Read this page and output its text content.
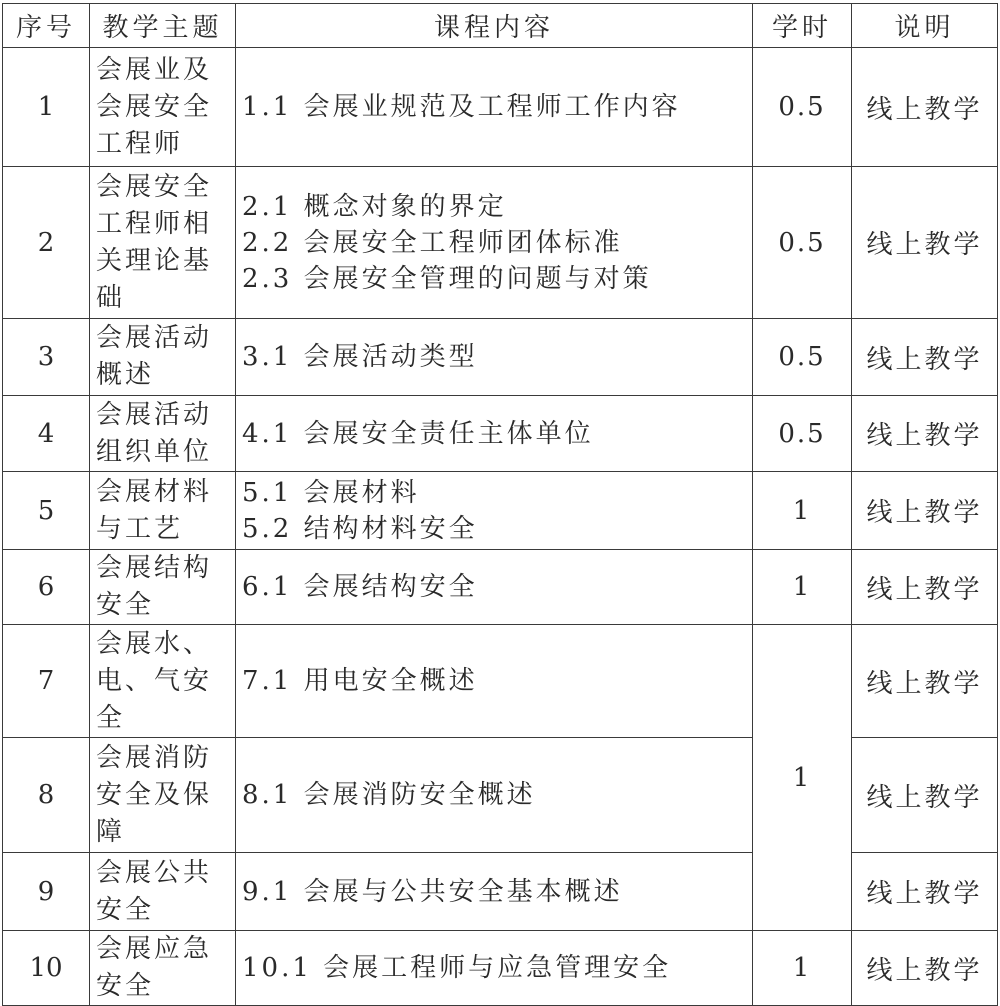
序号	教学主题	课程内容	学时	说明
1	会展业及
会展安全
工程师	1.1 会展业规范及工程师工作内容	0.5	线上教学
2	会展安全
工程师相
关理论基
础	2.1 概念对象的界定
2.2 会展安全工程师团体标准
2.3 会展安全管理的问题与对策	0.5	线上教学
3	会展活动
概述	3.1 会展活动类型	0.5	线上教学
4	会展活动
组织单位	4.1 会展安全责任主体单位	0.5	线上教学
5	会展材料
与工艺	5.1 会展材料
5.2 结构材料安全	1	线上教学
6	会展结构
安全	6.1 会展结构安全	1	线上教学
7	会展水、
电、气安
全	7.1 用电安全概述	1	线上教学
8	会展消防
安全及保
障	8.1 会展消防安全概述		线上教学
9	会展公共
安全	9.1 会展与公共安全基本概述		线上教学
10	会展应急
安全	10.1 会展工程师与应急管理安全	1	线上教学
